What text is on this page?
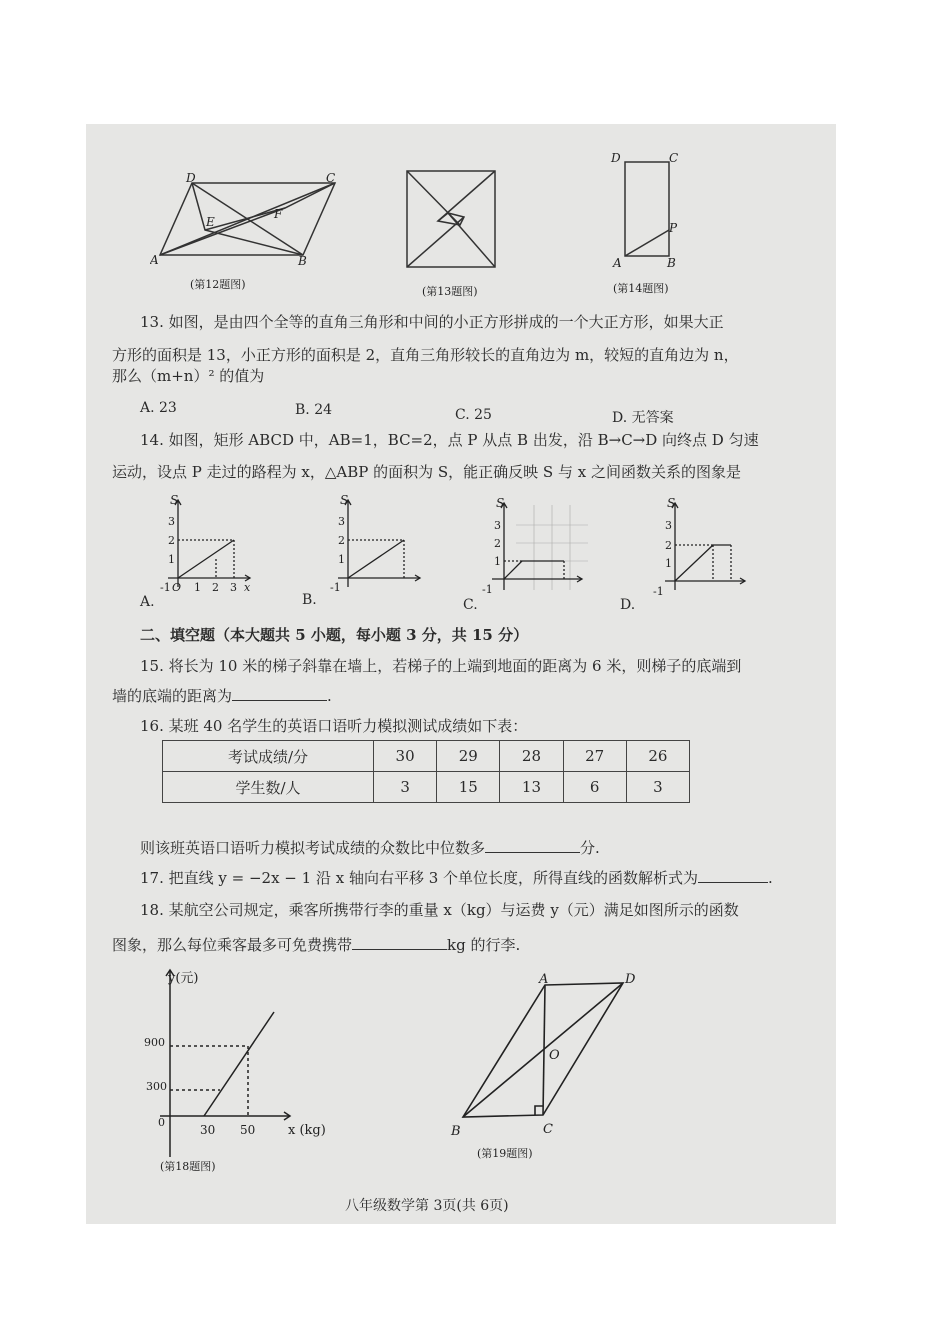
D	C
A	B
E
F
(第12题图)
(第13题图)
D	C
A	B
P
(第14题图)
13. 如图，是由四个全等的直角三角形和中间的小正方形拼成的一个大正方形，如果大正
方形的面积是 13，小正方形的面积是 2，直角三角形较长的直角边为 m，较短的直角边为 n，
那么（m+n）² 的值为
A. 23	B. 24	C. 25	D. 无答案
14. 如图，矩形 ABCD 中，AB=1，BC=2，点 P 从点 B 出发，沿 B→C→D 向终点 D 匀速
运动，设点 P 走过的路程为 x，△ABP 的面积为 S，能正确反映 S 与 x 之间函数关系的图象是
A.	B.	C.	D.
S
3
2
1
1 2 3 x
-1 O
S
3
2
1
-1
S
3
2
1
-1
S
3
2
1
-1
二、填空题（本大题共 5 小题，每小题 3 分，共 15 分）
15. 将长为 10 米的梯子斜靠在墙上，若梯子的上端到地面的距离为 6 米，则梯子的底端到
墙的底端的距离为	.
16. 某班 40 名学生的英语口语听力模拟测试成绩如下表：
考试成绩/分	30	29	28	27	26
学生数/人	3	15	13	6	3
则该班英语口语听力模拟考试成绩的众数比中位数多	分.
17. 把直线 y = −2x − 1 沿 x 轴向右平移 3 个单位长度，所得直线的函数解析式为	.
18. 某航空公司规定，乘客所携带行李的重量 x（kg）与运费 y（元）满足如图所示的函数
图象，那么每位乘客最多可免费携带	kg 的行李.
y(元)
900
300
0
30 50	x (kg)
(第18题图)
A	D
B	C
O
(第19题图)
八年级数学第 3页(共 6页)
